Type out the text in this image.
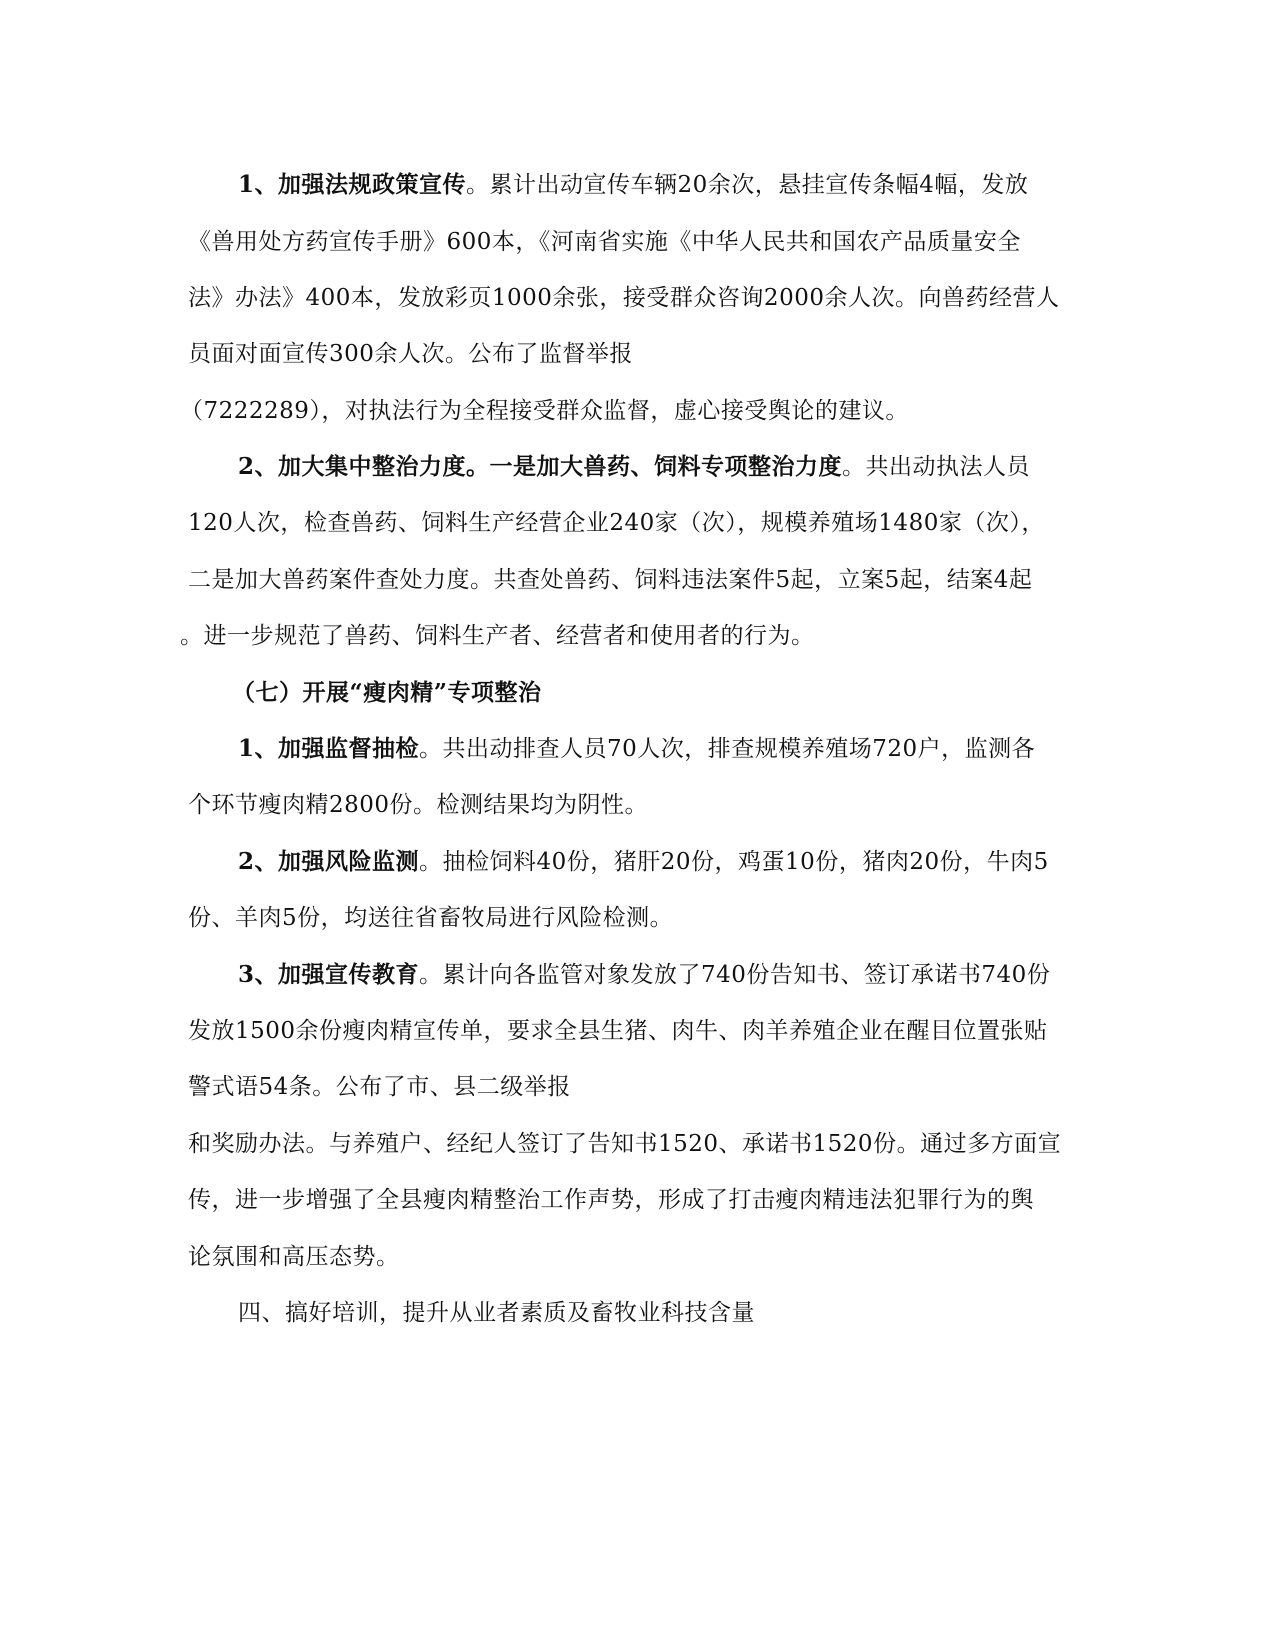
1、加强法规政策宣传。累计出动宣传车辆20余次，悬挂宣传条幅4幅，发放
《兽用处方药宣传手册》600本，《河南省实施《中华人民共和国农产品质量安全
法》办法》400本，发放彩页1000余张，接受群众咨询2000余人次。向兽药经营人
员面对面宣传300余人次。公布了监督举报
（7222289），对执法行为全程接受群众监督，虚心接受舆论的建议。
2、加大集中整治力度。一是加大兽药、饲料专项整治力度。共出动执法人员
120人次，检查兽药、饲料生产经营企业240家（次），规模养殖场1480家（次），
二是加大兽药案件查处力度。共查处兽药、饲料违法案件5起，立案5起，结案4起
。进一步规范了兽药、饲料生产者、经营者和使用者的行为。
（七）开展“瘦肉精”专项整治
1、加强监督抽检。共出动排查人员70人次，排查规模养殖场720户，监测各
个环节瘦肉精2800份。检测结果均为阴性。
2、加强风险监测。抽检饲料40份，猪肝20份，鸡蛋10份，猪肉20份，牛肉5
份、羊肉5份，均送往省畜牧局进行风险检测。
3、加强宣传教育。累计向各监管对象发放了740份告知书、签订承诺书740份
发放1500余份瘦肉精宣传单，要求全县生猪、肉牛、肉羊养殖企业在醒目位置张贴
警式语54条。公布了市、县二级举报
和奖励办法。与养殖户、经纪人签订了告知书1520、承诺书1520份。通过多方面宣
传，进一步增强了全县瘦肉精整治工作声势，形成了打击瘦肉精违法犯罪行为的舆
论氛围和高压态势。
四、搞好培训，提升从业者素质及畜牧业科技含量
